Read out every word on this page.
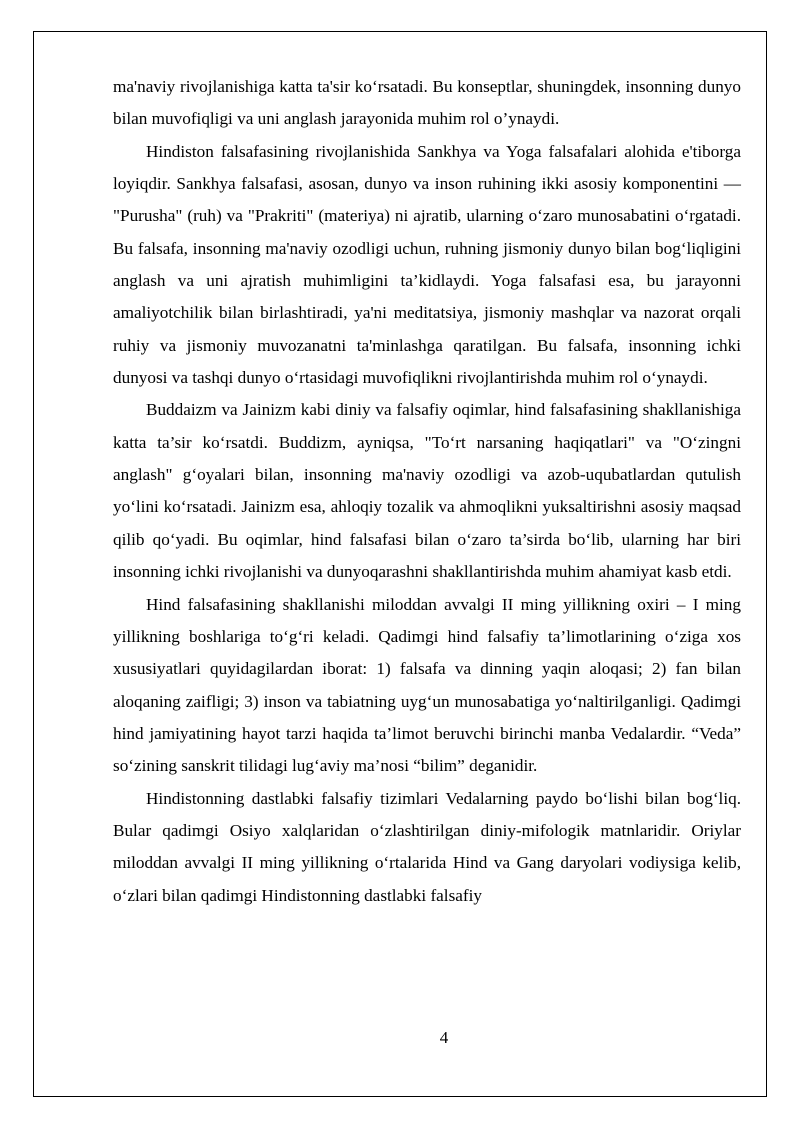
ma'naviy rivojlanishiga katta ta'sir ko‘rsatadi. Bu konseptlar, shuningdek, insonning dunyo bilan muvofiqligi va uni anglash jarayonida muhim rol o’ynaydi.

Hindiston falsafasining rivojlanishida Sankhya va Yoga falsafalari alohida e'tiborga loyiqdir. Sankhya falsafasi, asosan, dunyo va inson ruhining ikki asosiy komponentini — "Purusha" (ruh) va "Prakriti" (materiya) ni ajratib, ularning o‘zaro munosabatini o‘rgatadi. Bu falsafa, insonning ma'naviy ozodligi uchun, ruhning jismoniy dunyo bilan bog‘liqligini anglash va uni ajratish muhimligini ta’kidlaydi. Yoga falsafasi esa, bu jarayonni amaliyotchilik bilan birlashtiradi, ya'ni meditatsiya, jismoniy mashqlar va nazorat orqali ruhiy va jismoniy muvozanatni ta'minlashga qaratilgan. Bu falsafa, insonning ichki dunyosi va tashqi dunyo o‘rtasidagi muvofiqlikni rivojlantirishda muhim rol o‘ynaydi.

Buddaizm va Jainizm kabi diniy va falsafiy oqimlar, hind falsafasining shakllanishiga katta ta’sir ko‘rsatdi. Buddizm, ayniqsa, "To‘rt narsaning haqiqatlari" va "O‘zingni anglash" g‘oyalari bilan, insonning ma'naviy ozodligi va azob-uqubatlardan qutulish yo‘lini ko‘rsatadi. Jainizm esa, ahloqiy tozalik va ahmoqlikni yuksaltirishni asosiy maqsad qilib qo‘yadi. Bu oqimlar, hind falsafasi bilan o‘zaro ta’sirda bo‘lib, ularning har biri insonning ichki rivojlanishi va dunyoqarashni shakllantirishda muhim ahamiyat kasb etdi.

Hind falsafasining shakllanishi miloddan avvalgi II ming yillikning oxiri – I ming yillikning boshlariga to‘g‘ri keladi. Qadimgi hind falsafiy ta’limotlarining o‘ziga xos xususiyatlari quyidagilardan iborat: 1) falsafa va dinning yaqin aloqasi; 2) fan bilan aloqaning zaifligi; 3) inson va tabiatning uyg‘un munosabatiga yo‘naltirilganligi. Qadimgi hind jamiyatining hayot tarzi haqida ta’limot beruvchi birinchi manba Vedalardir. “Veda” so‘zining sanskrit tilidagi lug‘aviy ma’nosi “bilim” deganidir.

Hindistonning dastlabki falsafiy tizimlari Vedalarning paydo bo‘lishi bilan bog‘liq. Bular qadimgi Osiyo xalqlaridan o‘zlashtirilgan diniy-mifologik matnlaridir. Oriylar miloddan avvalgi II ming yillikning o‘rtalarida Hind va Gang daryolari vodiysiga kelib, o‘zlari bilan qadimgi Hindistonning dastlabki falsafiy

4
